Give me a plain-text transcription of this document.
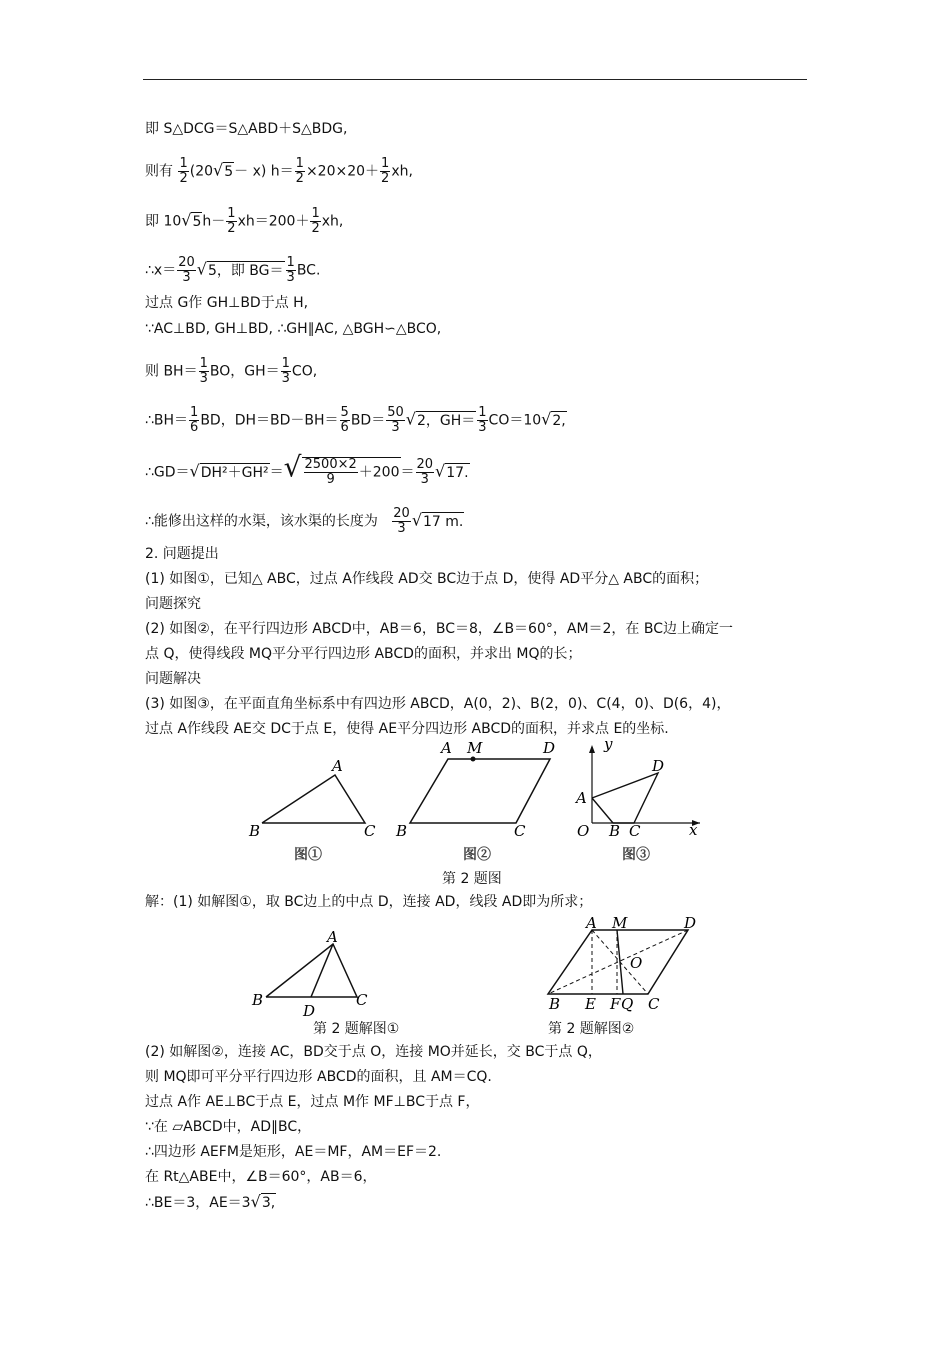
即 S△DCG＝S△ABD＋S△BDG,
则有 $\frac{1}{2} (20√5- x)$ $h= \frac{1}{2} \times 20\times 20+ \frac{1}{2}$ xh,
即 $10√5h- \frac{1}{2} xh=200+ \frac{1}{2}$ xh,
∴x＝ $\frac{20}{3} √5$，即 $BG= \frac{1}{3}$ BC.
过点 G作 GH⊥BD于点 H,
∵AC⊥BD, GH⊥BD, ∴GH∥AC, △BGH∽△BCO,
则 $BH= \frac{1}{3}$ BO，$GH= \frac{1}{3}$ CO,
∴BH＝ $\frac{1}{6}$ BD，$DH=BD-BH= \frac{5}{6} BD= \frac{50}{3} √2$，$GH= \frac{1}{3} CO=10√2$,
∴GD＝√DH²＋GH²＝√ $\frac{2500\times 2}{9} +200= \frac{20}{3} √17$.
∴能修出这样的水渠，该水渠的长度为 $\frac{20}{3} √17$ m.
2. 问题提出
(1) 如图①，已知△ ABC，过点 A作线段 AD交 BC边于点 D，使得 AD平分△ ABC的面积；
问题探究
(2) 如图②，在平行四边形 ABCD中，AB＝6，BC＝8，∠B＝60°，AM＝2，在 BC边上确定一
点 Q，使得线段 MQ平分平行四边形 ABCD的面积，并求出 MQ的长；
问题解决
(3) 如图③，在平面直角坐标系中有四边形 ABCD，A(0，2)、B(2，0)、C(4，0)、D(6，4)，
过点 A作线段 AE交 DC于点 E，使得 AE平分四边形 ABCD的面积，并求点 E的坐标.
A
B	C
图①
A M	D
B	C
图②
y
x
A
D
O B C
图③
第 2 题图
解：(1) 如解图①，取 BC边上的中点 D，连接 AD，线段 AD即为所求；
A
B	C
D
A M	D
O
B E F Q C
第 2 题解图①	第 2 题解图②
(2) 如解图②，连接 AC，BD交于点 O，连接 MO并延长，交 BC于点 Q，
则 MQ即可平分平行四边形 ABCD的面积，且 AM＝CQ.
过点 A作 AE⊥BC于点 E，过点 M作 MF⊥BC于点 F，
∵在 ▱ABCD中，AD∥BC，
∴四边形 AEFM是矩形，AE＝MF，AM＝EF＝2.
在 Rt△ABE中，∠B＝60°，AB＝6，
∴BE＝3，AE＝3√3,
